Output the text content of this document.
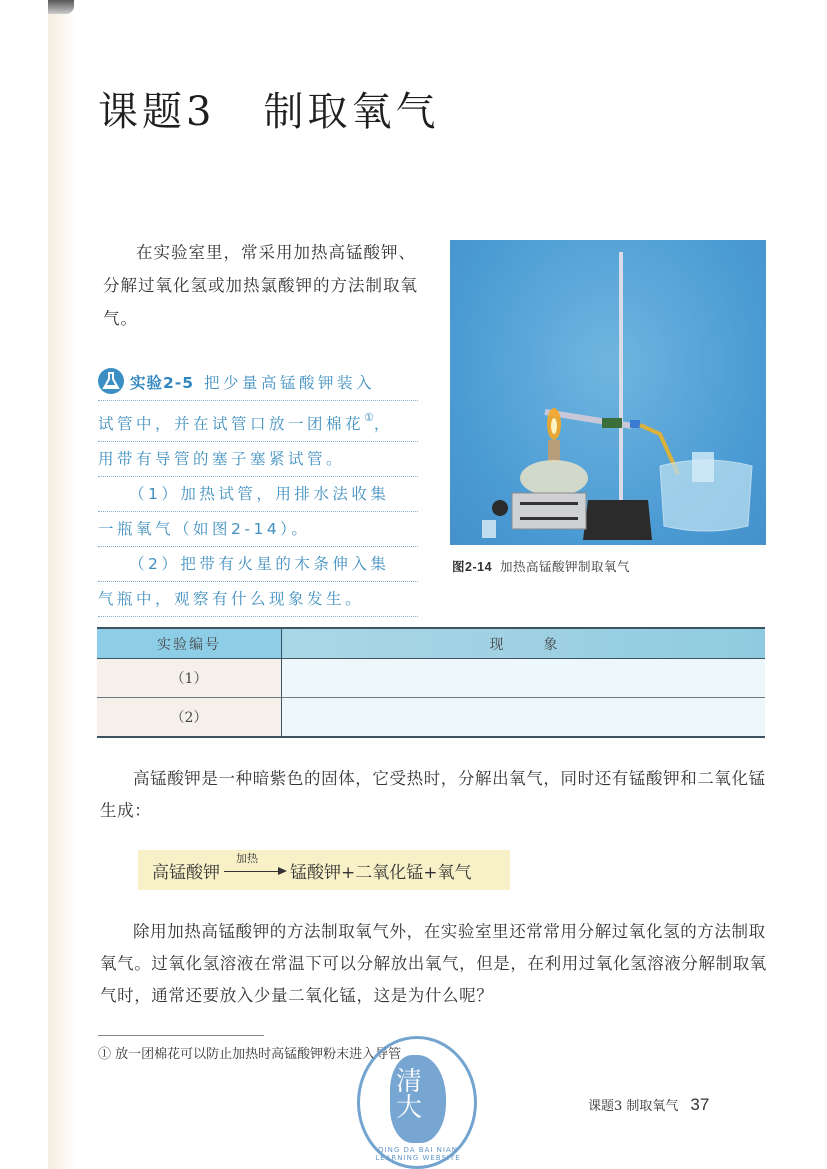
课题3 制取氧气

在实验室里，常采用加热高锰酸钾、分解过氧化氢或加热氯酸钾的方法制取氧气。

实验2-5 把少量高锰酸钾装入
试管中，并在试管口放一团棉花①，
用带有导管的塞子塞紧试管。
（1）加热试管，用排水法收集
一瓶氧气（如图2-14）。
（2）把带有火星的木条伸入集
气瓶中，观察有什么现象发生。
图2-14 加热高锰酸钾制取氧气
实验编号	现象
（1）	
（2）	

高锰酸钾是一种暗紫色的固体，它受热时，分解出氧气，同时还有锰酸钾和二氧化锰生成：

高锰酸钾
加热
锰酸钾+二氧化锰+氧气

除用加热高锰酸钾的方法制取氧气外，在实验室里还常常用分解过氧化氢的方法制取氧气。过氧化氢溶液在常温下可以分解放出氧气，但是，在利用过氧化氢溶液分解制取氧气时，通常还要放入少量二氧化锰，这是为什么呢？

① 放一团棉花可以防止加热时高锰酸钾粉末进入导管
清大
QING DA BAI NIAN LEARNING WEBSITE
课题3 制取氧气 37
